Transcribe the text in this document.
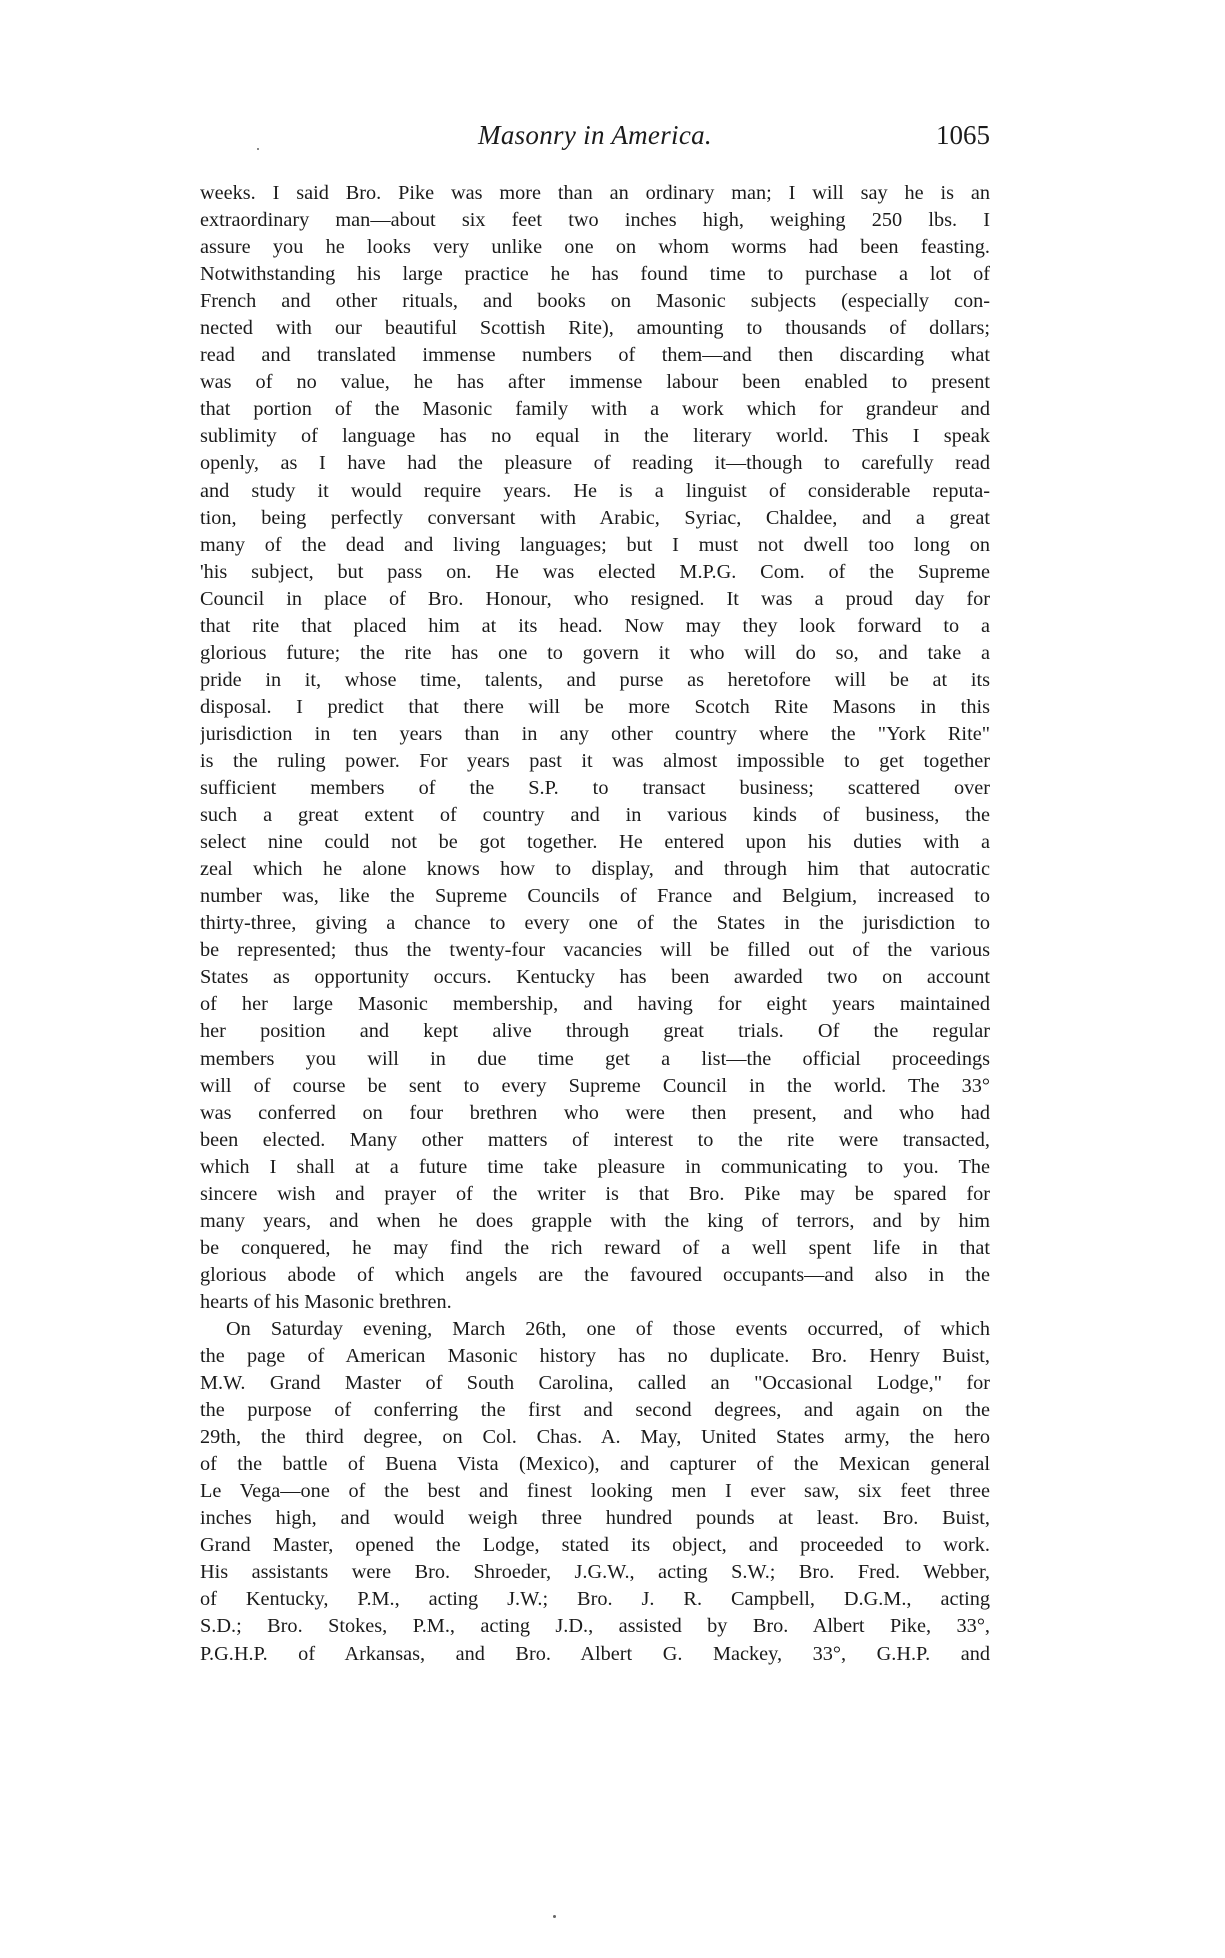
Masonry in America.	1065
weeks. I said Bro. Pike was more than an ordinary man; I will say he is an
extraordinary man—about six feet two inches high, weighing 250 lbs. I
assure you he looks very unlike one on whom worms had been feasting.
Notwithstanding his large practice he has found time to purchase a lot of
French and other rituals, and books on Masonic subjects (especially con-
nected with our beautiful Scottish Rite), amounting to thousands of dollars;
read and translated immense numbers of them—and then discarding what
was of no value, he has after immense labour been enabled to present
that portion of the Masonic family with a work which for grandeur and
sublimity of language has no equal in the literary world. This I speak
openly, as I have had the pleasure of reading it—though to carefully read
and study it would require years. He is a linguist of considerable reputa-
tion, being perfectly conversant with Arabic, Syriac, Chaldee, and a great
many of the dead and living languages; but I must not dwell too long on
'his subject, but pass on. He was elected M.P.G. Com. of the Supreme
Council in place of Bro. Honour, who resigned. It was a proud day for
that rite that placed him at its head. Now may they look forward to a
glorious future; the rite has one to govern it who will do so, and take a
pride in it, whose time, talents, and purse as heretofore will be at its
disposal. I predict that there will be more Scotch Rite Masons in this
jurisdiction in ten years than in any other country where the "York Rite"
is the ruling power. For years past it was almost impossible to get together
sufficient members of the S.P. to transact business; scattered over
such a great extent of country and in various kinds of business, the
select nine could not be got together. He entered upon his duties with a
zeal which he alone knows how to display, and through him that autocratic
number was, like the Supreme Councils of France and Belgium, increased to
thirty-three, giving a chance to every one of the States in the jurisdiction to
be represented; thus the twenty-four vacancies will be filled out of the various
States as opportunity occurs. Kentucky has been awarded two on account
of her large Masonic membership, and having for eight years maintained
her position and kept alive through great trials. Of the regular
members you will in due time get a list—the official proceedings
will of course be sent to every Supreme Council in the world. The 33°
was conferred on four brethren who were then present, and who had
been elected. Many other matters of interest to the rite were transacted,
which I shall at a future time take pleasure in communicating to you. The
sincere wish and prayer of the writer is that Bro. Pike may be spared for
many years, and when he does grapple with the king of terrors, and by him
be conquered, he may find the rich reward of a well spent life in that
glorious abode of which angels are the favoured occupants—and also in the
hearts of his Masonic brethren.
On Saturday evening, March 26th, one of those events occurred, of which
the page of American Masonic history has no duplicate. Bro. Henry Buist,
M.W. Grand Master of South Carolina, called an "Occasional Lodge," for
the purpose of conferring the first and second degrees, and again on the
29th, the third degree, on Col. Chas. A. May, United States army, the hero
of the battle of Buena Vista (Mexico), and capturer of the Mexican general
Le Vega—one of the best and finest looking men I ever saw, six feet three
inches high, and would weigh three hundred pounds at least. Bro. Buist,
Grand Master, opened the Lodge, stated its object, and proceeded to work.
His assistants were Bro. Shroeder, J.G.W., acting S.W.; Bro. Fred. Webber,
of Kentucky, P.M., acting J.W.; Bro. J. R. Campbell, D.G.M., acting
S.D.; Bro. Stokes, P.M., acting J.D., assisted by Bro. Albert Pike, 33°,
P.G.H.P. of Arkansas, and Bro. Albert G. Mackey, 33°, G.H.P. and
